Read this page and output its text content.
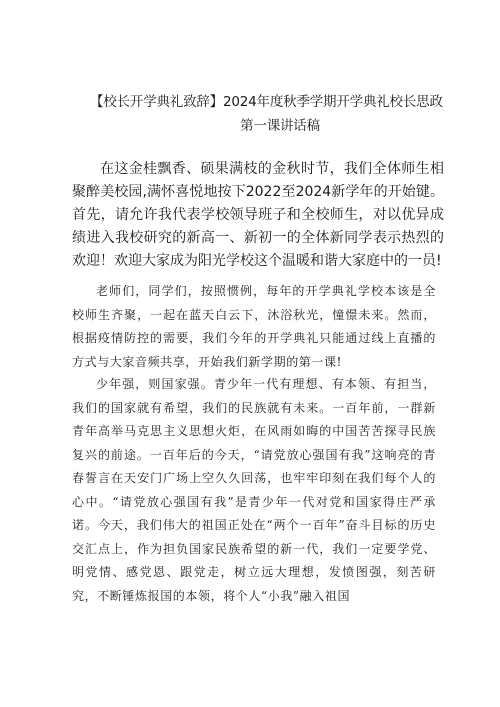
【校长开学典礼致辞】2024年度秋季学期开学典礼校长思政
第一课讲话稿

在这金桂飘香、硕果满枝的金秋时节，我们全体师生相聚醉美校园,满怀喜悦地按下2022至2024新学年的开始键。首先，请允许我代表学校领导班子和全校师生，对以优异成绩进入我校研究的新高一、新初一的全体新同学表示热烈的欢迎！欢迎大家成为阳光学校这个温暖和谐大家庭中的一员!

老师们，同学们，按照惯例，每年的开学典礼学校本该是全校师生齐聚，一起在蓝天白云下，沐浴秋光，憧憬未来。然而，根据疫情防控的需要，我们今年的开学典礼只能通过线上直播的方式与大家音频共享，开始我们新学期的第一课!

少年强，则国家强。青少年一代有理想、有本领、有担当，我们的国家就有希望，我们的民族就有未来。一百年前，一群新青年高举马克思主义思想火炬，在风雨如晦的中国苦苦探寻民族复兴的前途。一百年后的今天，“请党放心强国有我”这响亮的青春誓言在天安门广场上空久久回荡，也牢牢印刻在我们每个人的心中。“请党放心强国有我”是青少年一代对党和国家得庄严承诺。今天，我们伟大的祖国正处在“两个一百年”奋斗目标的历史交汇点上，作为担负国家民族希望的新一代，我们一定要学党、明党情、感党恩、跟党走，树立远大理想，发愤图强，刻苦研究，不断锤炼报国的本领，将个人“小我”融入祖国
